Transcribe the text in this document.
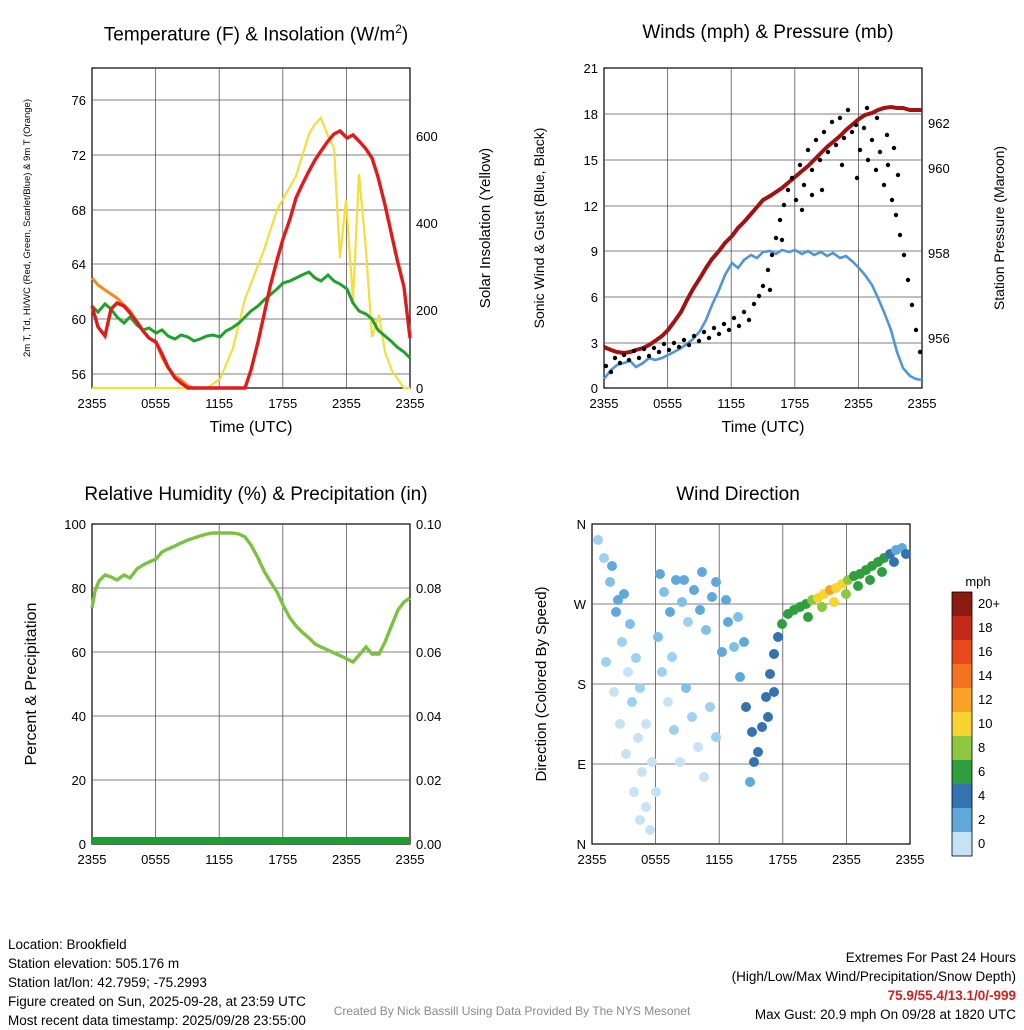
Temperature (F) & Insolation $(W/m^2)$
56
60
64
68
72
76
0
200
400
600
2355	0555	1155	1755	2355	2355
Time (UTC)
2m T, Td, HI/WC (Red, Green, Scarlet/Blue) & 9m T (Orange)	Solar Insolation (Yellow)
Winds (mph) & Pressure (mb)
0
3
6
9
12
15
18
21
956
958
960
962
2355	0555	1155	1755	2355	2355
Time (UTC)
Sonic Wind & Gust (Blue, Black)	Station Pressure (Maroon)
Relative Humidity (%) & Precipitation (in)
0
20
40
60
80
100
0.00
0.02
0.04
0.06
0.08
0.10
2355	0555	1155	1755	2355	2355
Percent & Precipitation
Wind Direction
N
W
S
E
N
2355	0555	1155	1755	2355	2355
Direction (Colored By Speed)
mph
20+
18
16
14
12
10
8
6
4
2
0
Location: Brookfield
Station elevation: 505.176 m
Station lat/lon: 42.7959; -75.2993
Figure created on Sun, 2025-09-28, at 23:59 UTC
Most recent data timestamp: 2025/09/28 23:55:00
Extremes For Past 24 Hours
(High/Low/Max Wind/Precipitation/Snow Depth)
75.9/55.4/13.1/0/-999
Max Gust: 20.9 mph On 09/28 at 1820 UTC
Created By Nick Bassill Using Data Provided By The NYS Mesonet
